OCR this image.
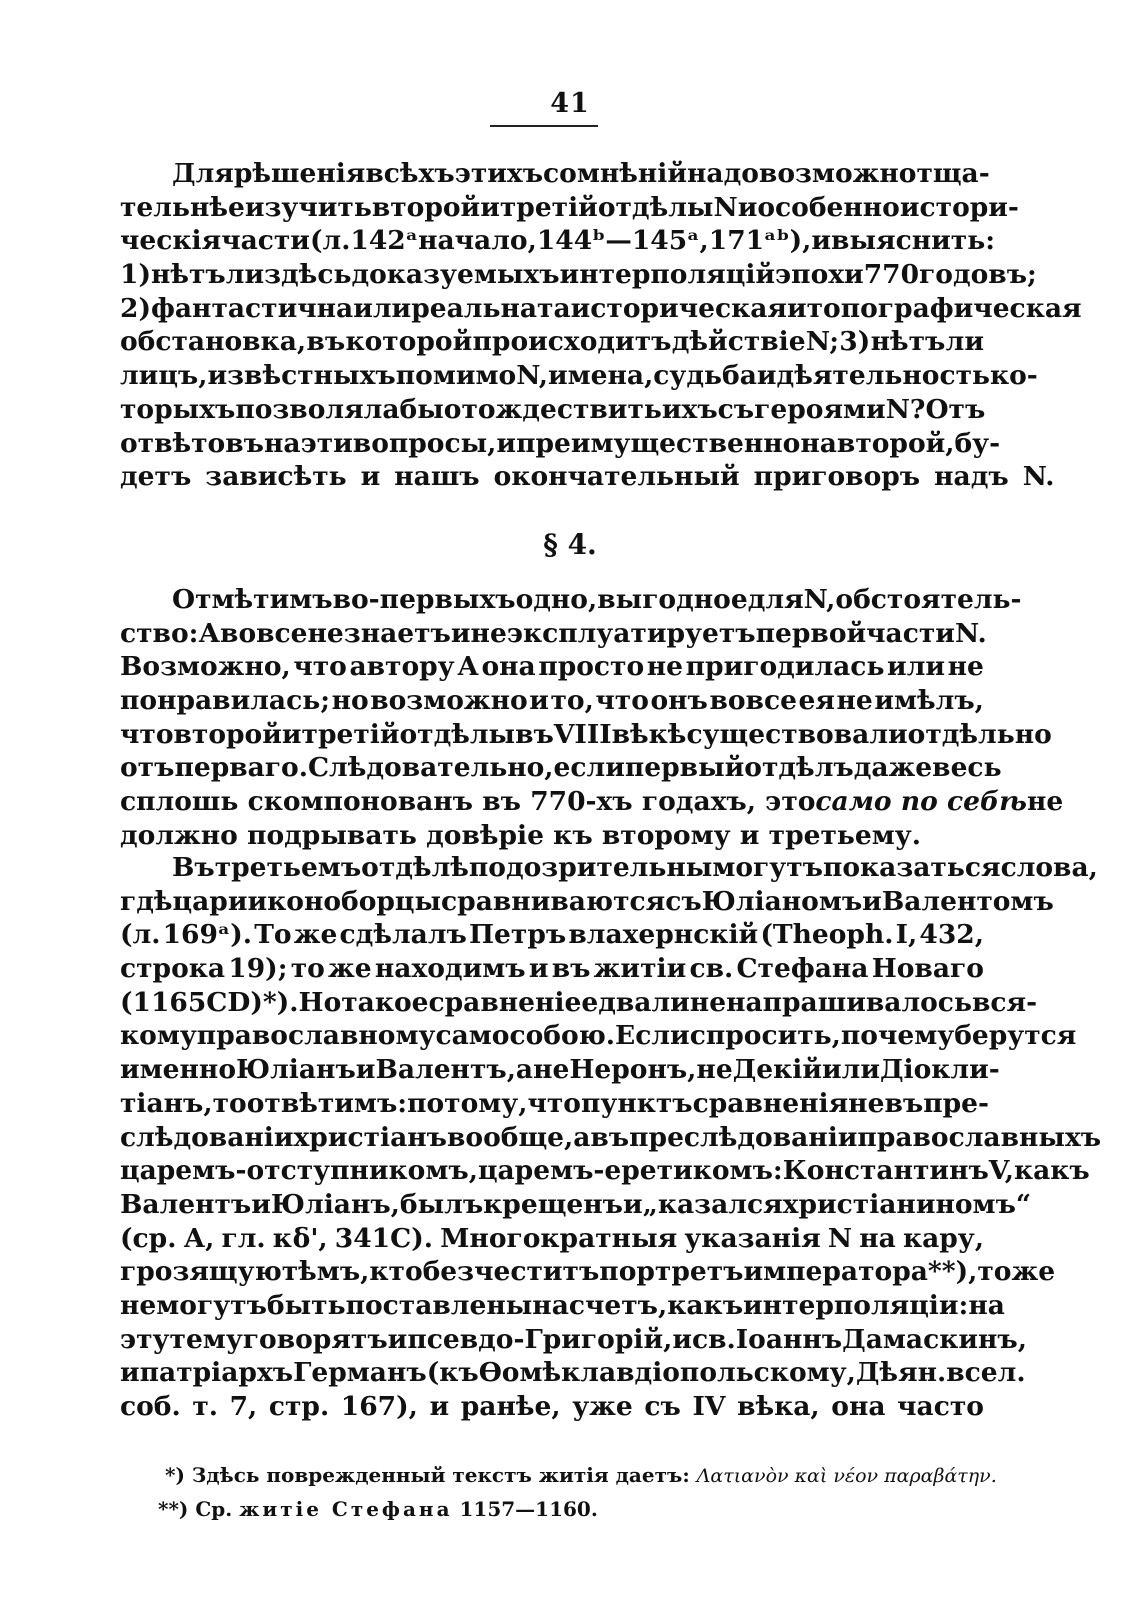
41
Для рѣшенія всѣхъ этихъ сомнѣній надо возможно тща-
тельнѣе изучить второй и третій отдѣлы N и особенно истори-
ческія части (л. 142ᵃ начало, 144ᵇ — 145ᵃ, 171ᵃᵇ), и выяснить:
1) нѣтъ ли здѣсь доказуемыхъ интерполяцій эпохи 770 годовъ;
2) фантастична или реальна та историческая и топографическая
обстановка, въ которой происходитъ дѣйствіе N; 3) нѣтъ ли
лицъ, извѣстныхъ помимо N, имена, судьба и дѣятельность ко-
торыхъ позволяла бы отождествить ихъ съ героями N? Отъ
отвѣтовъ на эти вопросы, и преимущественно на второй, бу-
детъ зависѣть и нашъ окончательный приговоръ надъ N.
§ 4.
Отмѣтимъ во-первыхъ одно, выгодное для N, обстоятель-
ство: А вовсе не знаетъ и не эксплуатируетъ первой части N.
Возможно, что автору А она просто не пригодилась или не
понравилась; но возможно и то, что онъ вовсе ея не имѣлъ,
что второй и третій отдѣлы въ VIII вѣкѣ существовали отдѣльно
отъ перваго. Слѣдовательно, если первый отдѣлъ даже весь
сплошь скомпонованъ въ 770-хъ годахъ, это само по себѣ не
должно подрывать довѣріе къ второму и третьему.
Въ третьемъ отдѣлѣ подозрительны могутъ показаться слова,
гдѣ цари иконоборцы сравниваются съ Юліаномъ и Валентомъ
(л. 169ᵃ). То же сдѣлалъ Петръ влахернскій (Theoph. I, 432,
строка 19); то же находимъ и въ житіи св. Стефана Новаго
(1165CD) *). Но такое сравненіе едва ли не напрашивалось вся-
кому православному само собою. Если спросить, почему берутся
именно Юліанъ и Валентъ, а не Неронъ, не Декій или Діокли-
тіанъ, то отвѣтимъ: потому, что пунктъ сравненія не въ пре-
слѣдованіи христіанъ вообще, а въ преслѣдованіи православныхъ
царемъ-отступникомъ, царемъ-еретикомъ: Константинъ V, какъ
Валентъ и Юліанъ, былъ крещенъ и „казался христіаниномъ“
(ср. А, гл. κδ', 341С). Многократныя указанія N на кару,
грозящую тѣмъ, кто безчеститъ портретъ императора **), тоже
не могутъ быть поставлены на счетъ, какъ интерполяціи: на
эту тему говорятъ и псевдо-Григорій, и св. Іоаннъ Дамаскинъ,
и патріархъ Германъ (къ Ѳомѣ клавдіопольскому, Дѣян. всел.
соб. т. 7, стр. 167), и ранѣе, уже съ IV вѣка, она часто
*) Здѣсь поврежденный текстъ житія даетъ: Λατιανὸν καὶ νέον παραβάτην.
**) Ср. житіе Стефана 1157—1160.
